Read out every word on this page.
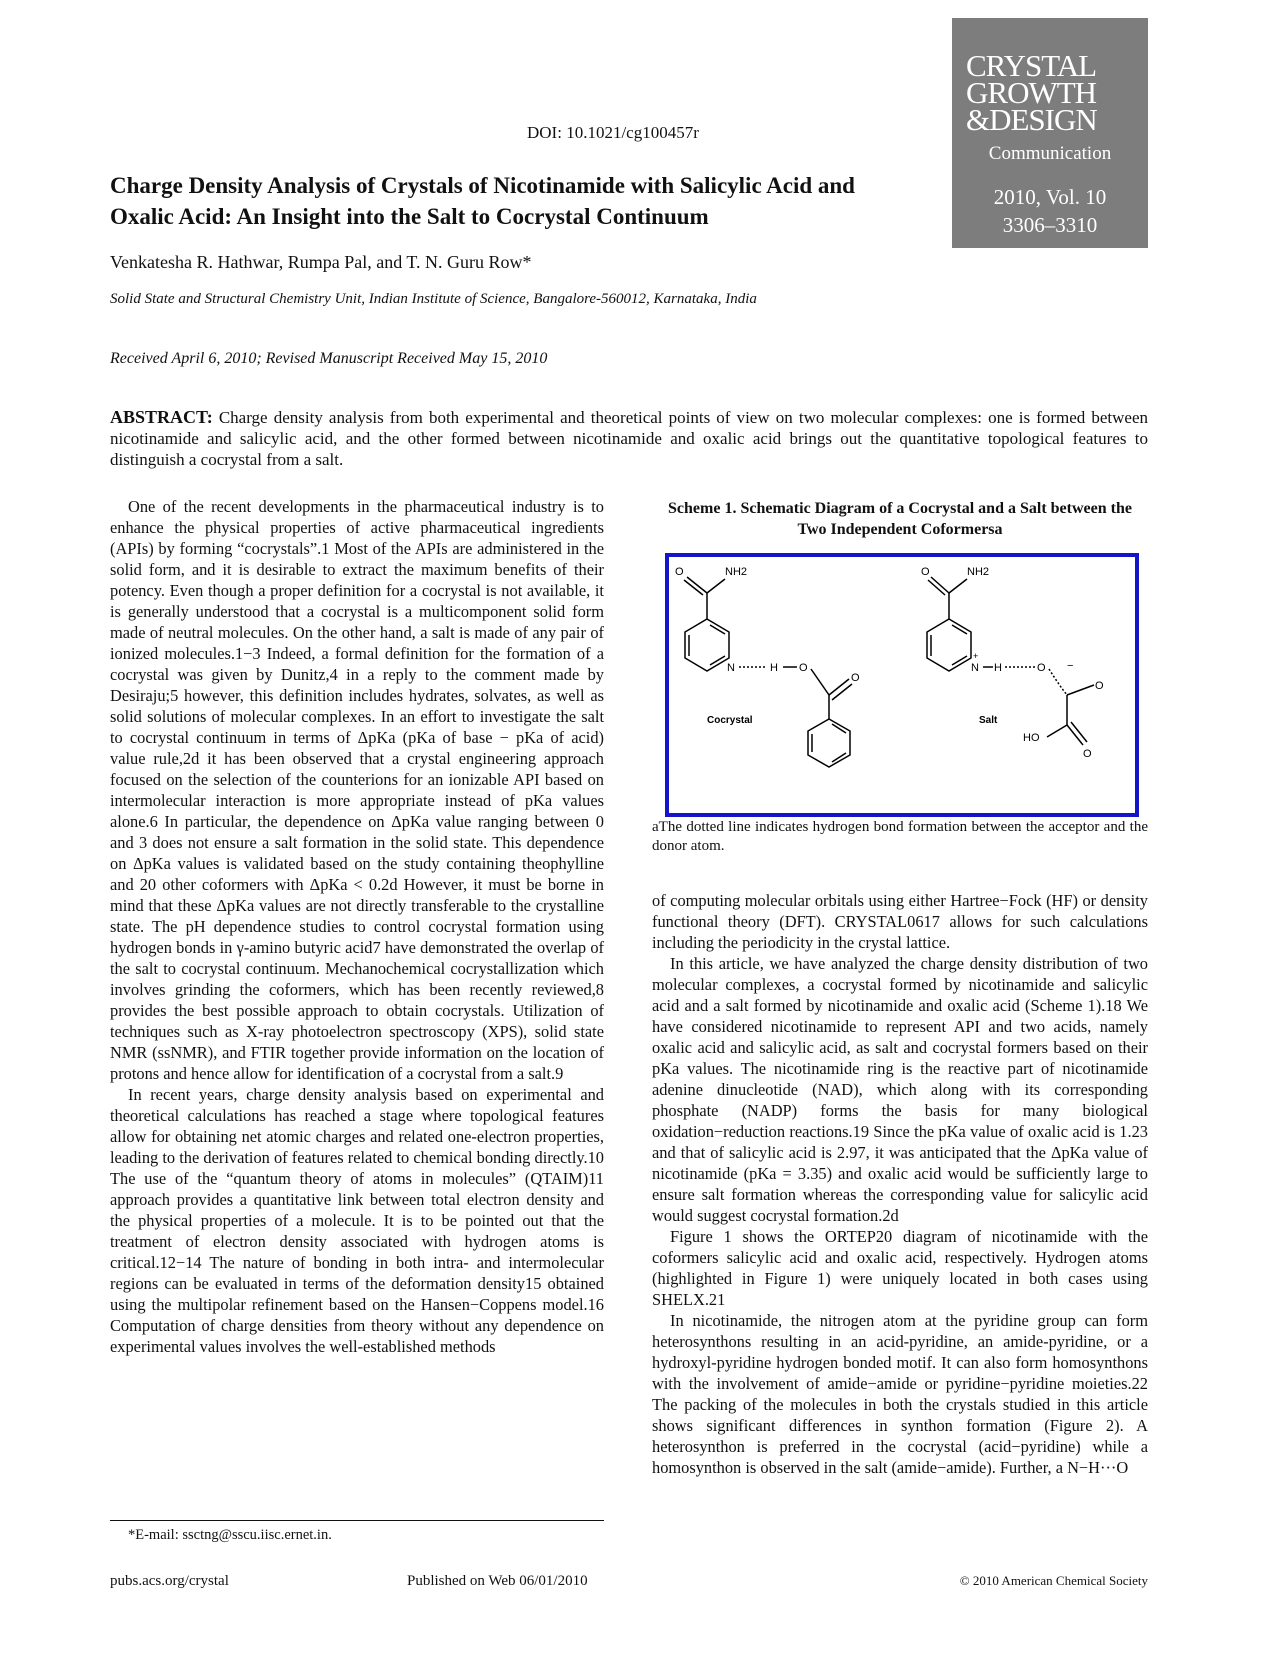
DOI: 10.1021/cg100457r
CRYSTAL
GROWTH
&DESIGN
Communication
2010, Vol. 10
3306–3310
Charge Density Analysis of Crystals of Nicotinamide with Salicylic Acid and Oxalic Acid: An Insight into the Salt to Cocrystal Continuum
Venkatesha R. Hathwar, Rumpa Pal, and T. N. Guru Row*
Solid State and Structural Chemistry Unit, Indian Institute of Science, Bangalore-560012, Karnataka, India
Received April 6, 2010; Revised Manuscript Received May 15, 2010
ABSTRACT: Charge density analysis from both experimental and theoretical points of view on two molecular complexes: one is formed between nicotinamide and salicylic acid, and the other formed between nicotinamide and oxalic acid brings out the quantitative topological features to distinguish a cocrystal from a salt.

One of the recent developments in the pharmaceutical industry is to enhance the physical properties of active pharmaceutical ingredients (APIs) by forming “cocrystals”.1 Most of the APIs are administered in the solid form, and it is desirable to extract the maximum benefits of their potency. Even though a proper definition for a cocrystal is not available, it is generally understood that a cocrystal is a multicomponent solid form made of neutral molecules. On the other hand, a salt is made of any pair of ionized molecules.1−3 Indeed, a formal definition for the formation of a cocrystal was given by Dunitz,4 in a reply to the comment made by Desiraju;5 however, this definition includes hydrates, solvates, as well as solid solutions of molecular complexes. In an effort to investigate the salt to cocrystal continuum in terms of ΔpKa (pKa of base − pKa of acid) value rule,2d it has been observed that a crystal engineering approach focused on the selection of the counterions for an ionizable API based on intermolecular interaction is more appropriate instead of pKa values alone.6 In particular, the dependence on ΔpKa value ranging between 0 and 3 does not ensure a salt formation in the solid state. This dependence on ΔpKa values is validated based on the study containing theophylline and 20 other coformers with ΔpKa < 0.2d However, it must be borne in mind that these ΔpKa values are not directly transferable to the crystalline state. The pH dependence studies to control cocrystal formation using hydrogen bonds in γ-amino butyric acid7 have demonstrated the overlap of the salt to cocrystal continuum. Mechanochemical cocrystallization which involves grinding the coformers, which has been recently reviewed,8 provides the best possible approach to obtain cocrystals. Utilization of techniques such as X-ray photoelectron spectroscopy (XPS), solid state NMR (ssNMR), and FTIR together provide information on the location of protons and hence allow for identification of a cocrystal from a salt.9

In recent years, charge density analysis based on experimental and theoretical calculations has reached a stage where topological features allow for obtaining net atomic charges and related one-electron properties, leading to the derivation of features related to chemical bonding directly.10 The use of the “quantum theory of atoms in molecules” (QTAIM)11 approach provides a quantitative link between total electron density and the physical properties of a molecule. It is to be pointed out that the treatment of electron density associated with hydrogen atoms is critical.12−14 The nature of bonding in both intra- and intermolecular regions can be evaluated in terms of the deformation density15 obtained using the multipolar refinement based on the Hansen−Coppens model.16 Computation of charge densities from theory without any dependence on experimental values involves the well-established methods

Scheme 1. Schematic Diagram of a Cocrystal and a Salt between the Two Independent Coformersa
O	NH2
N	H O
O
Cocrystal
O	NH2
N
+
H	O −
O
HO
O
Salt
aThe dotted line indicates hydrogen bond formation between the acceptor and the donor atom.

of computing molecular orbitals using either Hartree−Fock (HF) or density functional theory (DFT). CRYSTAL0617 allows for such calculations including the periodicity in the crystal lattice.

In this article, we have analyzed the charge density distribution of two molecular complexes, a cocrystal formed by nicotinamide and salicylic acid and a salt formed by nicotinamide and oxalic acid (Scheme 1).18 We have considered nicotinamide to represent API and two acids, namely oxalic acid and salicylic acid, as salt and cocrystal formers based on their pKa values. The nicotinamide ring is the reactive part of nicotinamide adenine dinucleotide (NAD), which along with its corresponding phosphate (NADP) forms the basis for many biological oxidation−reduction reactions.19 Since the pKa value of oxalic acid is 1.23 and that of salicylic acid is 2.97, it was anticipated that the ΔpKa value of nicotinamide (pKa = 3.35) and oxalic acid would be sufficiently large to ensure salt formation whereas the corresponding value for salicylic acid would suggest cocrystal formation.2d

Figure 1 shows the ORTEP20 diagram of nicotinamide with the coformers salicylic acid and oxalic acid, respectively. Hydrogen atoms (highlighted in Figure 1) were uniquely located in both cases using SHELX.21

In nicotinamide, the nitrogen atom at the pyridine group can form heterosynthons resulting in an acid-pyridine, an amide-pyridine, or a hydroxyl-pyridine hydrogen bonded motif. It can also form homosynthons with the involvement of amide−amide or pyridine−pyridine moieties.22 The packing of the molecules in both the crystals studied in this article shows significant differences in synthon formation (Figure 2). A heterosynthon is preferred in the cocrystal (acid−pyridine) while a homosynthon is observed in the salt (amide−amide). Further, a N−H···O

*E-mail: ssctng@sscu.iisc.ernet.in.
pubs.acs.org/crystal	Published on Web 06/01/2010	© 2010 American Chemical Society
